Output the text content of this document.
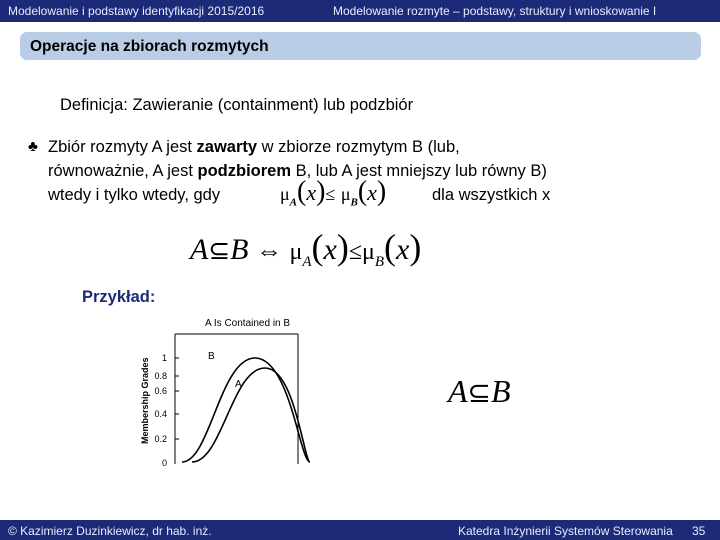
Modelowanie i podstawy identyfikacji 2015/2016	Modelowanie rozmyte – podstawy, struktury i wnioskowanie I
Operacje na zbiorach rozmytych
Definicja: Zawieranie (containment) lub podzbiór
♣ Zbiór rozmyty A jest zawarty w zbiorze rozmytym B (lub,
równoważnie, A jest podzbiorem B, lub A jest mniejszy lub równy B)
wtedy i tylko wtedy, gdy	dla wszystkich x
$\mu_A(x)\le \mu_B(x)$
A⊆B ⇔ $\mu_A(x)\le\mu_B(x)$
Przykład:
A Is Contained in B
Membership Grades
0
0.2
0.4
0.6
0.8
1	B
A	A⊆B
© Kazimierz Duzinkiewicz, dr hab. inż.	Katedra Inżynierii Systemów Sterowania 35
